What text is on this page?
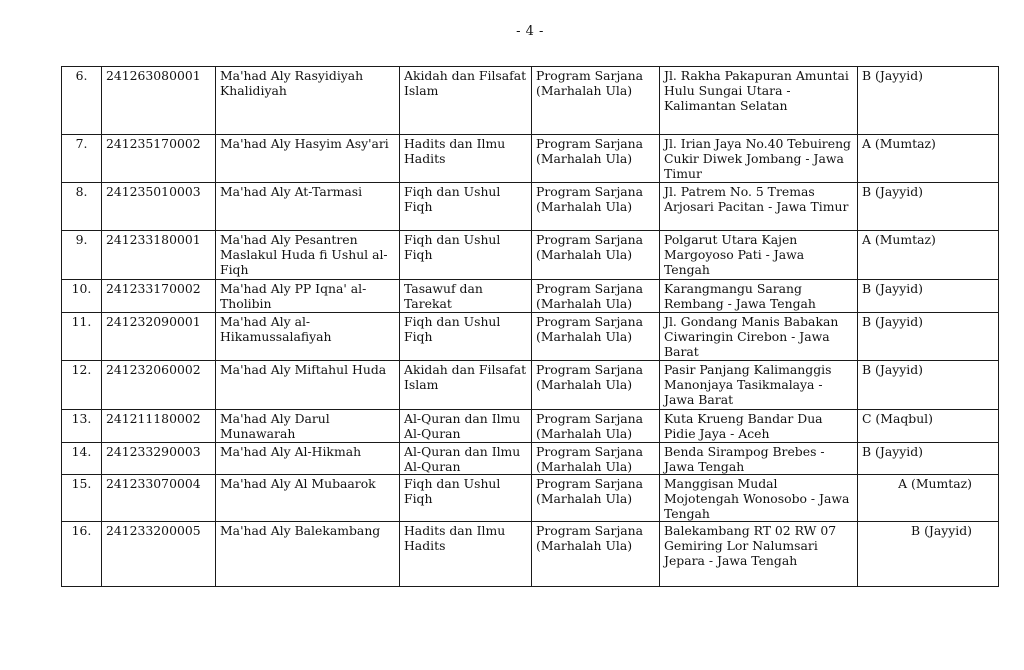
- 4 -
6.	241263080001	Ma'had Aly Rasyidiyah Khalidiyah	Akidah dan Filsafat Islam	Program Sarjana (Marhalah Ula)	Jl. Rakha Pakapuran Amuntai Hulu Sungai Utara - Kalimantan Selatan	B (Jayyid)
7.	241235170002	Ma'had Aly Hasyim Asy'ari	Hadits dan Ilmu Hadits	Program Sarjana (Marhalah Ula)	Jl. Irian Jaya No.40 Tebuireng Cukir Diwek Jombang - Jawa Timur	A (Mumtaz)
8.	241235010003	Ma'had Aly At-Tarmasi	Fiqh dan Ushul Fiqh	Program Sarjana (Marhalah Ula)	Jl. Patrem No. 5 Tremas Arjosari Pacitan - Jawa Timur	B (Jayyid)
9.	241233180001	Ma'had Aly Pesantren Maslakul Huda fi Ushul al-Fiqh	Fiqh dan Ushul Fiqh	Program Sarjana (Marhalah Ula)	Polgarut Utara Kajen Margoyoso Pati - Jawa Tengah	A (Mumtaz)
10.	241233170002	Ma'had Aly PP Iqna' al-Tholibin	Tasawuf dan Tarekat	Program Sarjana (Marhalah Ula)	Karangmangu Sarang Rembang - Jawa Tengah	B (Jayyid)
11.	241232090001	Ma'had Aly al-Hikamussalafiyah	Fiqh dan Ushul Fiqh	Program Sarjana (Marhalah Ula)	Jl. Gondang Manis Babakan Ciwaringin Cirebon - Jawa Barat	B (Jayyid)
12.	241232060002	Ma'had Aly Miftahul Huda	Akidah dan Filsafat Islam	Program Sarjana (Marhalah Ula)	Pasir Panjang Kalimanggis Manonjaya Tasikmalaya - Jawa Barat	B (Jayyid)
13.	241211180002	Ma'had Aly Darul Munawarah	Al-Quran dan Ilmu Al-Quran	Program Sarjana (Marhalah Ula)	Kuta Krueng Bandar Dua Pidie Jaya - Aceh	C (Maqbul)
14.	241233290003	Ma'had Aly Al-Hikmah	Al-Quran dan Ilmu Al-Quran	Program Sarjana (Marhalah Ula)	Benda Sirampog Brebes - Jawa Tengah	B (Jayyid)
15.	241233070004	Ma'had Aly Al Mubaarok	Fiqh dan Ushul Fiqh	Program Sarjana (Marhalah Ula)	Manggisan Mudal Mojotengah Wonosobo - Jawa Tengah	A (Mumtaz)
16.	241233200005	Ma'had Aly Balekambang	Hadits dan Ilmu Hadits	Program Sarjana (Marhalah Ula)	Balekambang RT 02 RW 07 Gemiring Lor Nalumsari Jepara - Jawa Tengah	B (Jayyid)
